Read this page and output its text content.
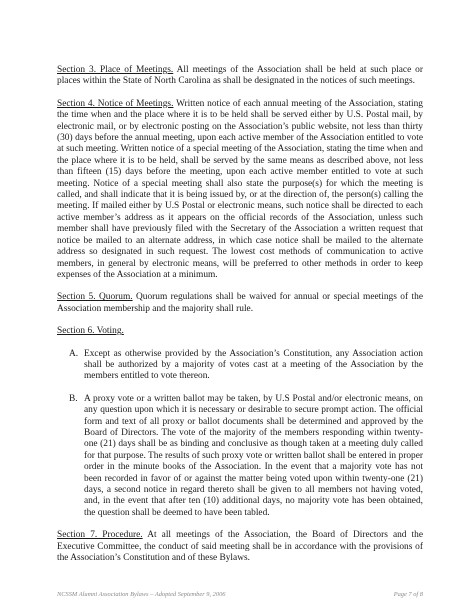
Section 3. Place of Meetings. All meetings of the Association shall be held at such place or places within the State of North Carolina as shall be designated in the notices of such meetings.

Section 4. Notice of Meetings. Written notice of each annual meeting of the Association, stating the time when and the place where it is to be held shall be served either by U.S. Postal mail, by electronic mail, or by electronic posting on the Association’s public website, not less than thirty (30) days before the annual meeting, upon each active member of the Association entitled to vote at such meeting. Written notice of a special meeting of the Association, stating the time when and the place where it is to be held, shall be served by the same means as described above, not less than fifteen (15) days before the meeting, upon each active member entitled to vote at such meeting. Notice of a special meeting shall also state the purpose(s) for which the meeting is called, and shall indicate that it is being issued by, or at the direction of, the person(s) calling the meeting. If mailed either by U.S Postal or electronic means, such notice shall be directed to each active member’s address as it appears on the official records of the Association, unless such member shall have previously filed with the Secretary of the Association a written request that notice be mailed to an alternate address, in which case notice shall be mailed to the alternate address so designated in such request. The lowest cost methods of communication to active members, in general by electronic means, will be preferred to other methods in order to keep expenses of the Association at a minimum.

Section 5. Quorum. Quorum regulations shall be waived for annual or special meetings of the Association membership and the majority shall rule.

Section 6. Voting.

A. Except as otherwise provided by the Association’s Constitution, any Association action shall be authorized by a majority of votes cast at a meeting of the Association by the members entitled to vote thereon.
B. A proxy vote or a written ballot may be taken, by U.S Postal and/or electronic means, on any question upon which it is necessary or desirable to secure prompt action. The official form and text of all proxy or ballot documents shall be determined and approved by the Board of Directors. The vote of the majority of the members responding within twenty-one (21) days shall be as binding and conclusive as though taken at a meeting duly called for that purpose. The results of such proxy vote or written ballot shall be entered in proper order in the minute books of the Association. In the event that a majority vote has not been recorded in favor of or against the matter being voted upon within twenty-one (21) days, a second notice in regard thereto shall be given to all members not having voted, and, in the event that after ten (10) additional days, no majority vote has been obtained, the question shall be deemed to have been tabled.

Section 7. Procedure. At all meetings of the Association, the Board of Directors and the Executive Committee, the conduct of said meeting shall be in accordance with the provisions of the Association’s Constitution and of these Bylaws.

NCSSM Alumni Association Bylaws – Adopted September 9, 2006	Page 7 of 8
